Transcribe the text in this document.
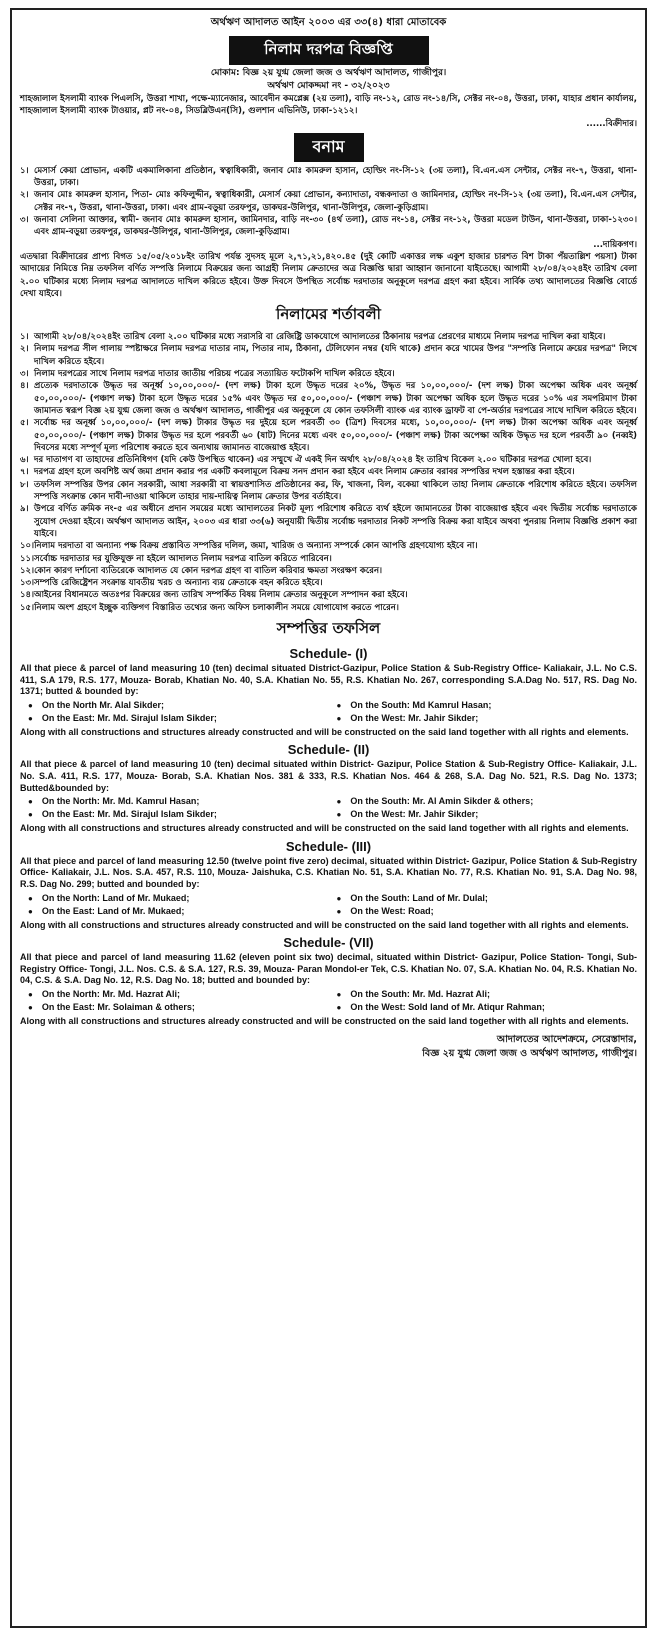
অর্থঋণ আদালত আইন ২০০৩ এর ৩৩(৪) ধারা মোতাবেক
নিলাম দরপত্র বিজ্ঞপ্তি
মোকাম: বিজ্ঞ ২য় যুগ্ম জেলা জজ ও অর্থঋণ আদালত, গাজীপুর।
অর্থঋণ মোকদ্দমা নং - ৩২/২০২৩
শাহজালাল ইসলামী ব্যাংক পিএলসি, উত্তরা শাখা, পক্ষে-ম্যানেজার, আবেদীন কমপ্লেক্স (২য় তলা), বাড়ি নং-১২, রোড নং-১৪/সি, সেক্টর নং-০৪, উত্তরা, ঢাকা, যাহার প্রধান কার্যালয়, শাহজালাল ইসলামী ব্যাংক টাওয়ার, প্লট নং-০৪, সিডব্লিউএন(সি), গুলশান এভিনিউ, ঢাকা-১২১২।
......বিক্রীদার।
বনাম
১। মেসার্স কেয়া প্রোভান, একটি একমালিকানা প্রতিষ্ঠান, স্বত্বাধিকারী, জনাব মোঃ কামরুল হাসান, হোল্ডিং নং-সি-১২ (৩য় তলা), বি.এন.এস সেন্টার, সেক্টর নং-৭, উত্তরা, থানা-উত্তরা, ঢাকা।
২। জনাব মোঃ কামরুল হাসান, পিতা- মোঃ কফিলুদ্দীন, স্বত্বাধিকারী, মেসার্স কেয়া প্রোভান, কন্যাদাতা, বন্ধকদাতা ও জামিনদার, হোল্ডিং নং-সি-১২ (৩য় তলা), বি.এন.এস সেন্টার, সেক্টর নং-৭, উত্তরা, থানা-উত্তরা, ঢাকা। এবং গ্রাম-বড়ুয়া তরফপুর, ডাকঘর-উলিপুর, থানা-উলিপুর, জেলা-কুড়িগ্রাম।
৩। জনাবা সেলিনা আক্তার, স্বামী- জনাব মোঃ কামরুল হাসান, জামিনদার, বাড়ি নং-৩০ (৪র্থ তলা), রোড নং-১৪, সেক্টর নং-১২, উত্তরা মডেল টাউন, থানা-উত্তরা, ঢাকা-১২৩০। এবং গ্রাম-বড়ুয়া তরফপুর, ডাকঘর-উলিপুর, থানা-উলিপুর, জেলা-কুড়িগ্রাম।
...দায়িকগণ।
এতদ্বারা বিক্রীদারের প্রাপ্য বিগত ১৫/০৫/২০১৮ইং তারিখ পর্যন্ত সুদসহ মূলে ২,৭১,২১,৪২০.৪৫ (দুই কোটি একাত্তর লক্ষ একুশ হাজার চারশত বিশ টাকা পঁয়তাল্লিশ পয়সা) টাকা আদায়ের নিমিত্তে নিম্ন তফসিল বর্ণিত সম্পত্তি নিলামে বিক্রয়ের জন্য আগ্রহী নিলাম ক্রেতাদের অত্র বিজ্ঞপ্তি দ্বারা আহ্বান জানানো যাইতেছে। আগামী ২৮/০৪/২০২৪ইং তারিখ বেলা ২.০০ ঘটিকার মধ্যে নিলাম দরপত্র আদালতে দাখিল করিতে হইবে। উক্ত দিবসে উপস্থিত সর্বোচ্চ দরদাতার অনুকূলে দরপত্র গ্রহণ করা হইবে। সার্বিক তথ্য আদালতের বিজ্ঞপ্তি বোর্ডে দেখা যাইবে।
নিলামের শর্তাবলী
১। আগামী ২৮/০৪/২০২৪ইং তারিখ বেলা ২.০০ ঘটিকার মধ্যে সরাসরি বা রেজিষ্ট্রি ডাকযোগে আদালতের ঠিকানায় দরপত্র প্রেরণের মাধ্যমে নিলাম দরপত্র দাখিল করা যাইবে।
২। নিলাম দরপত্র সীল গালায় স্পষ্টাক্ষরে নিলাম দরপত্র দাতার নাম, পিতার নাম, ঠিকানা, টেলিফোন নম্বর (যদি থাকে) প্রদান করে খামের উপর "সম্পত্তি নিলামে ক্রয়ের দরপত্র" লিখে দাখিল করিতে হইবে।
৩। নিলাম দরপত্রের সাথে নিলাম দরপত্র দাতার জাতীয় পরিচয় পত্রের সত্যায়িত ফটোকপি দাখিল করিতে হইবে।
৪। প্রত্যেক দরদাতাকে উদ্ধৃত দর অনূর্ধ্ব ১০,০০,০০০/- (দশ লক্ষ) টাকা হলে উদ্ধৃত দরের ২০%, উদ্ধৃত দর ১০,০০,০০০/- (দশ লক্ষ) টাকা অপেক্ষা অধিক এবং অনূর্ধ্ব ৫০,০০,০০০/- (পঞ্চাশ লক্ষ) টাকা হলে উদ্ধৃত দরের ১৫% এবং উদ্ধৃত দর ৫০,০০,০০০/- (পঞ্চাশ লক্ষ) টাকা অপেক্ষা অধিক হলে উদ্ধৃত দরের ১০% এর সমপরিমাণ টাকা জামানত স্বরূপ বিজ্ঞ ২য় যুগ্ম জেলা জজ ও অর্থঋণ আদালত, গাজীপুর এর অনুকূলে যে কোন তফসিলী ব্যাংক এর ব্যাংক ড্রাফট বা পে-অর্ডার দরপত্রের সাথে দাখিল করিতে হইবে।
৫। সর্বোচ্চ দর অনূর্ধ্ব ১০,০০,০০০/- (দশ লক্ষ) টাকার উদ্ধৃত দর দুইয়ে হলে পরবর্তী ৩০ (ত্রিশ) দিবসের মধ্যে, ১০,০০,০০০/- (দশ লক্ষ) টাকা অপেক্ষা অধিক এবং অনূর্ধ্ব ৫০,০০,০০০/- (পঞ্চাশ লক্ষ) টাকার উদ্ধৃত দর হলে পরবর্তী ৬০ (ষাট) দিনের মধ্যে এবং ৫০,০০,০০০/- (পঞ্চাশ লক্ষ) টাকা অপেক্ষা অধিক উদ্ধৃত দর হলে পরবর্তী ৯০ (নব্বই) দিবসের মধ্যে সম্পূর্ণ মূল্য পরিশোধ করতে হবে অন্যথায় জামানত বাজেয়াপ্ত হইবে।
৬। দর দাতাগণ বা তাহাদের প্রতিনিধিগণ (যদি কেউ উপস্থিত থাকেন) এর সম্মুখে ঐ একই দিন অর্থাৎ ২৮/০৪/২০২৪ ইং তারিখ বিকেল ২.০০ ঘটিকার দরপত্র খোলা হবে।
৭। দরপত্র গ্রহণ হলে অবশিষ্ট অর্থ জমা প্রদান করার পর একটি কবলামূলে বিক্রয় সনদ প্রদান করা হইবে এবং নিলাম ক্রেতার বরাবর সম্পত্তির দখল হস্তান্তর করা হইবে।
৮। তফসিল সম্পত্তির উপর কোন সরকারী, আধা সরকারী বা স্বায়ত্তশাসিত প্রতিষ্ঠানের কর, ফি, খাজনা, বিল, বকেয়া থাকিলে তাহা নিলাম ক্রেতাকে পরিশোধ করিতে হইবে। তফসিল সম্পত্তি সংক্রান্ত কোন দাবী-দাওয়া থাকিলে তাহার দায়-দায়িত্ব নিলাম ক্রেতার উপর বর্তাইবে।
৯। উপরে বর্ণিত ক্রমিক নং-৫ এর অধীনে প্রদান সময়ের মধ্যে আদালতের নিকট মূল্য পরিশোধ করিতে ব্যর্থ হইলে জামানতের টাকা বাজেয়াপ্ত হইবে এবং দ্বিতীয় সর্বোচ্চ দরদাতাকে সুযোগ দেওয়া হইবে। অর্থঋণ আদালত আইন, ২০০৩ এর ধারা ৩৩(৬) অনুযায়ী দ্বিতীয় সর্বোচ্চ দরদাতার নিকট সম্পত্তি বিক্রয় করা যাইবে অথবা পুনরায় নিলাম বিজ্ঞপ্তি প্রকাশ করা যাইবে।
১০। নিলাম দরদাতা বা অন্যান্য পক্ষ বিক্রয় প্রস্তাবিত সম্পত্তির দলিল, জমা, খারিজ ও অন্যান্য সম্পর্কে কোন আপত্তি গ্রহণযোগ্য হইবে না।
১১। সর্বোচ্চ দরদাতার দর যুক্তিযুক্ত না হইলে আদালত নিলাম দরপত্র বাতিল করিতে পারিবেন।
১২। কোন কারণ দর্শানো ব্যতিরেকে আদালত যে কোন দরপত্র গ্রহণ বা বাতিল করিবার ক্ষমতা সংরক্ষণ করেন।
১৩। সম্পত্তি রেজিষ্ট্রেশন সংক্রান্ত যাবতীয় খরচ ও অন্যান্য ব্যয় ক্রেতাকে বহন করিতে হইবে।
১৪। আইনের বিধানমতে অতঃপর বিক্রয়ের জন্য তারিখ সম্পর্কিত বিষয় নিলাম ক্রেতার অনুকূলে সম্পাদন করা হইবে।
১৫। নিলাম অংশ গ্রহণে ইচ্ছুক ব্যক্তিগণ বিস্তারিত তথ্যের জন্য অফিস চলাকালীন সময়ে যোগাযোগ করতে পারেন।
সম্পত্তির তফসিল
Schedule- (I)
All that piece & parcel of land measuring 10 (ten) decimal situated District-Gazipur, Police Station & Sub-Registry Office- Kaliakair, J.L. No C.S. 411, S.A 179, R.S. 177, Mouza- Borab, Khatian No. 40, S.A. Khatian No. 55, R.S. Khatian No. 267, corresponding S.A.Dag No. 517, RS. Dag No. 1371; butted & bounded by:
● On the North Mr. Alal Sikder;	● On the South: Md Kamrul Hasan;
● On the East: Mr. Md. Sirajul Islam Sikder;	● On the West: Mr. Jahir Sikder;
Along with all constructions and structures already constructed and will be constructed on the said land together with all rights and elements.
Schedule- (II)
All that piece & parcel of land measuring 10 (ten) decimal situated within District- Gazipur, Police Station & Sub-Registry Office- Kaliakair, J.L. No. S.A. 411, R.S. 177, Mouza- Borab, S.A. Khatian Nos. 381 & 333, R.S. Khatian Nos. 464 & 268, S.A. Dag No. 521, R.S. Dag No. 1373; Butted&bounded by:
● On the North: Mr. Md. Kamrul Hasan;	● On the South: Mr. Al Amin Sikder & others;
● On the East: Mr. Md. Sirajul Islam Sikder;	● On the West: Mr. Jahir Sikder;
Along with all constructions and structures already constructed and will be constructed on the said land together with all rights and elements.
Schedule- (III)
All that piece and parcel of land measuring 12.50 (twelve point five zero) decimal, situated within District- Gazipur, Police Station & Sub-Registry Office- Kaliakair, J.L. Nos. S.A. 457, R.S. 110, Mouza- Jaishuka, C.S. Khatian No. 51, S.A. Khatian No. 77, R.S. Khatian No. 91, S.A. Dag No. 98, R.S. Dag No. 299; butted and bounded by:
● On the North: Land of Mr. Mukaed;	● On the South: Land of Mr. Dulal;
● On the East: Land of Mr. Mukaed;	● On the West: Road;
Along with all constructions and structures already constructed and will be constructed on the said land together with all rights and elements.
Schedule- (VII)
All that piece and parcel of land measuring 11.62 (eleven point six two) decimal, situated within District- Gazipur, Police Station- Tongi, Sub-Registry Office- Tongi, J.L. Nos. C.S. & S.A. 127, R.S. 39, Mouza- Paran Mondol-er Tek, C.S. Khatian No. 07, S.A. Khatian No. 04, R.S. Khatian No. 04, C.S. & S.A. Dag No. 12, R.S. Dag No. 18; butted and bounded by:
● On the North: Mr. Md. Hazrat Ali;	● On the South: Mr. Md. Hazrat Ali;
● On the East: Mr. Solaiman & others;	● On the West: Sold land of Mr. Atiqur Rahman;
Along with all constructions and structures already constructed and will be constructed on the said land together with all rights and elements.
আদালতের আদেশক্রমে, সেরেস্তাদার,
বিজ্ঞ ২য় যুগ্ম জেলা জজ ও অর্থঋণ আদালত, গাজীপুর।
